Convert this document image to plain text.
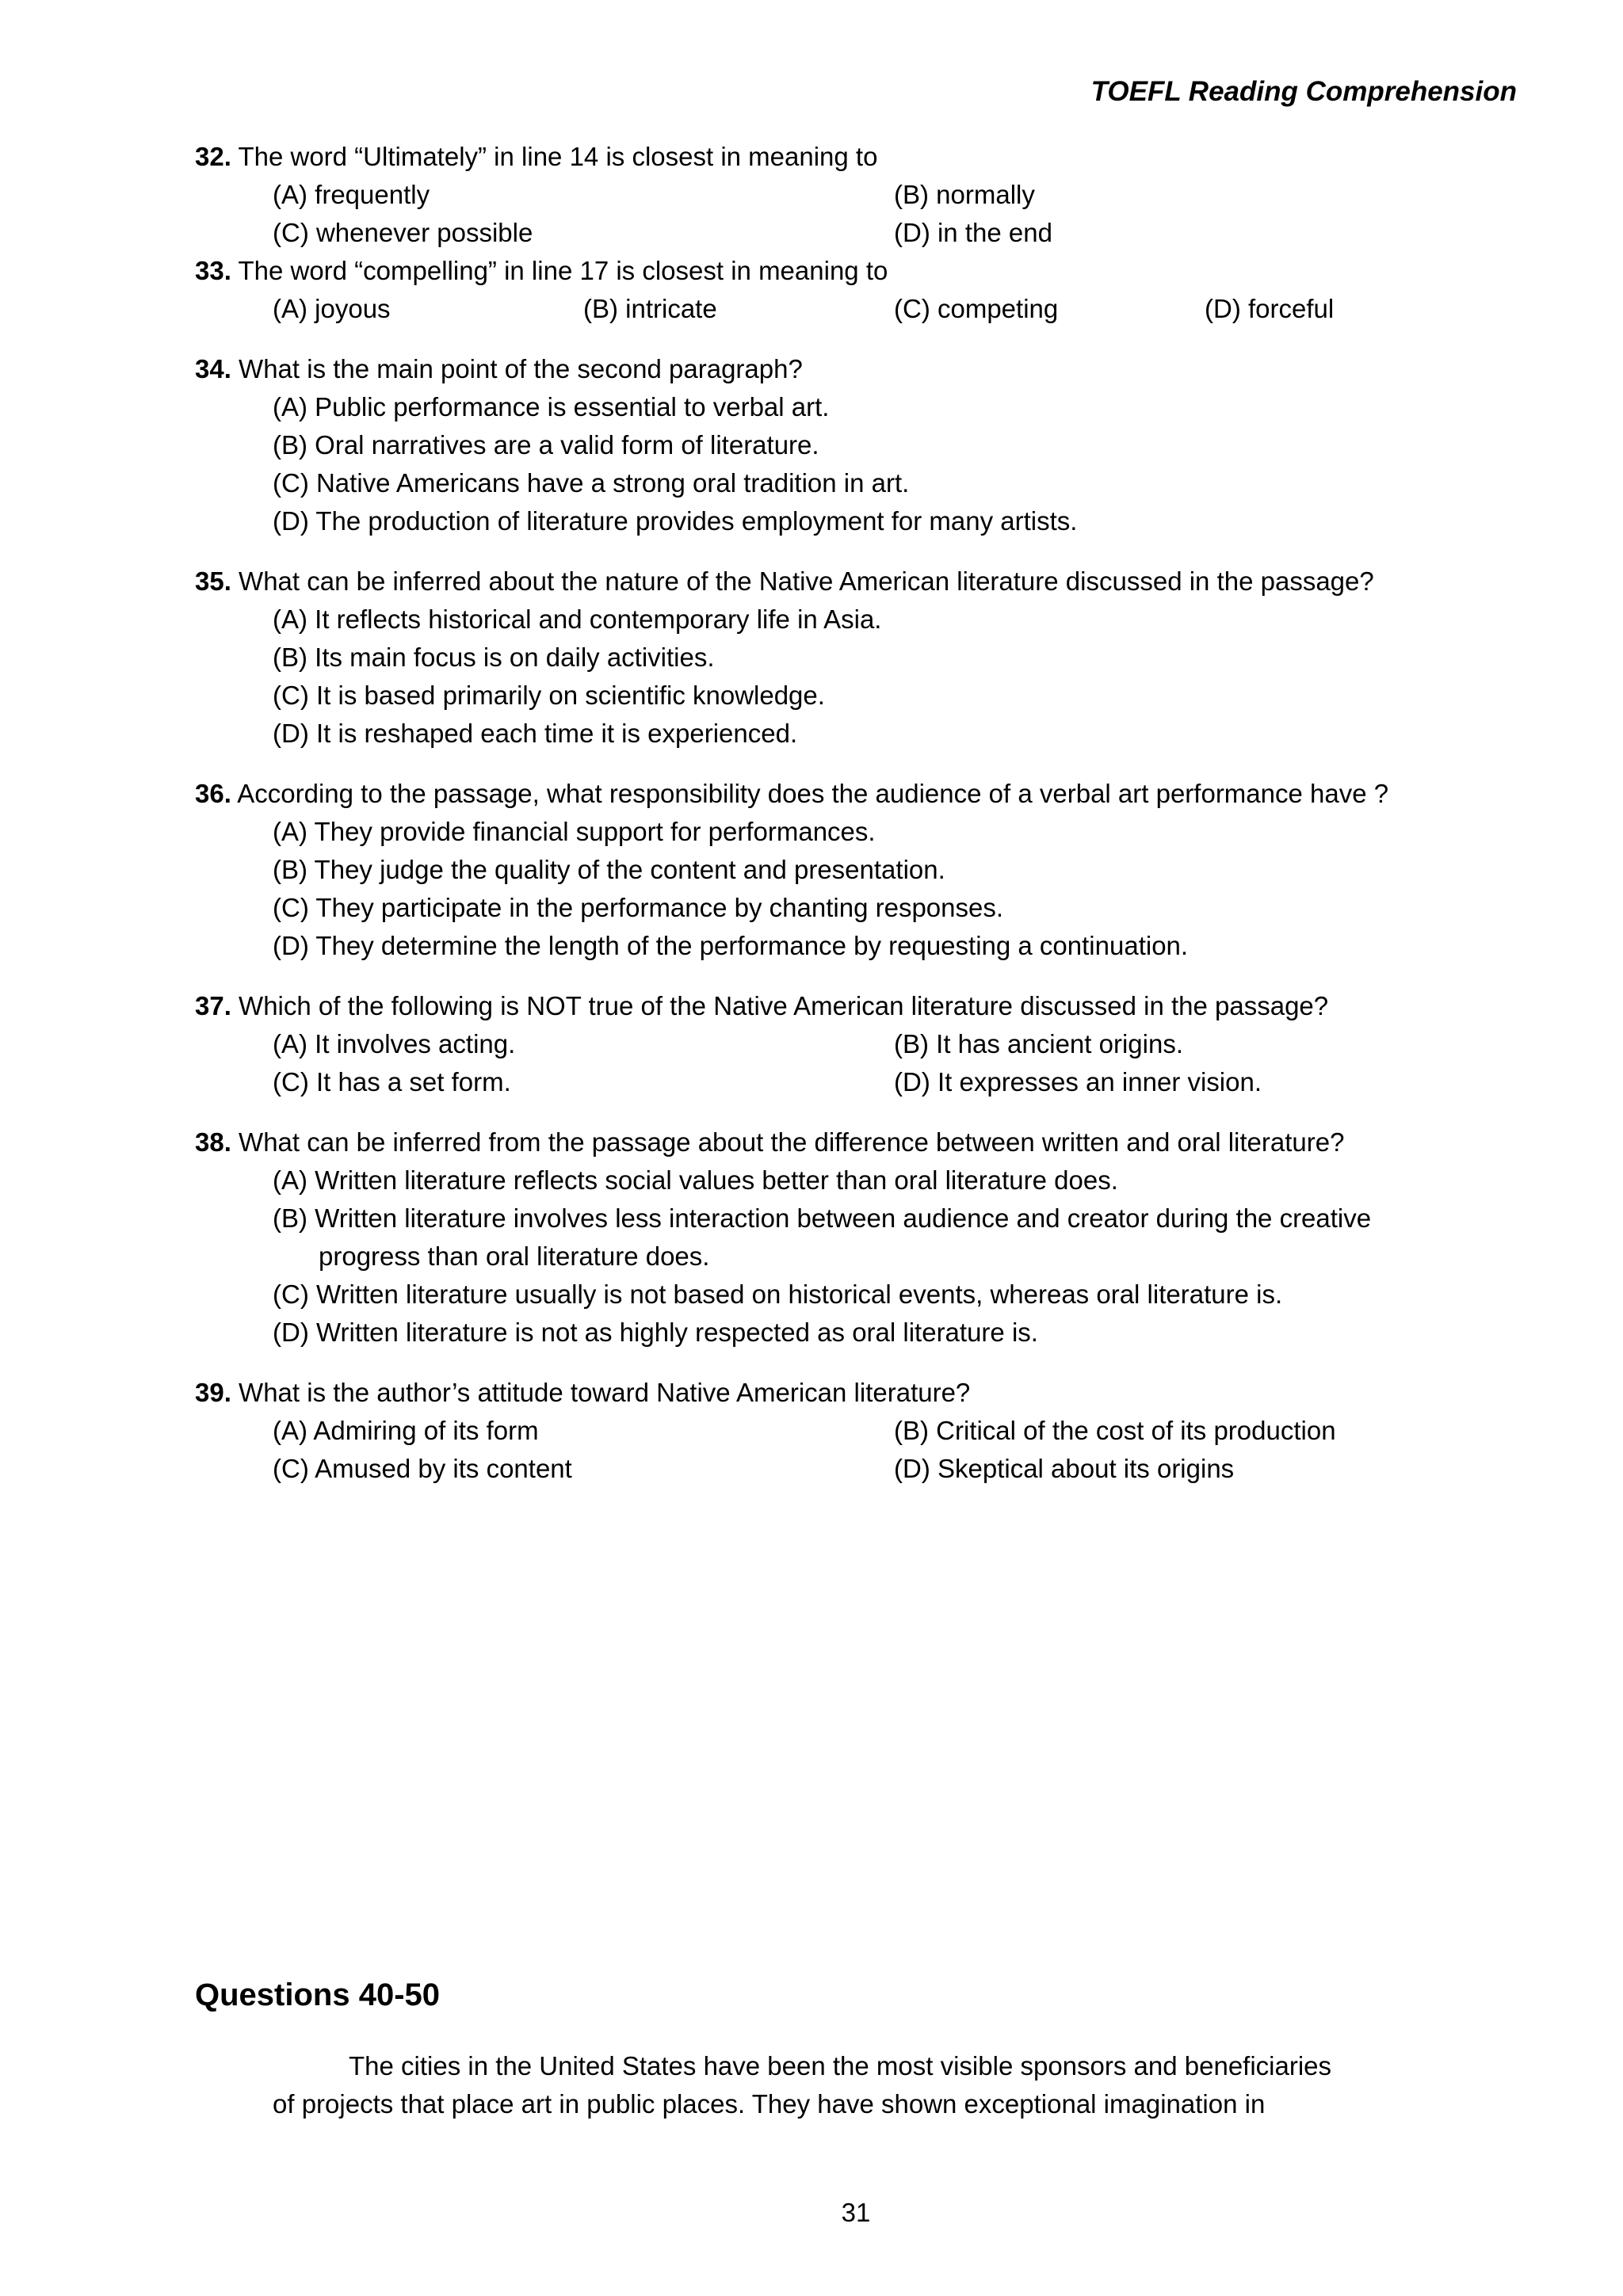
TOEFL Reading Comprehension
32. The word “Ultimately” in line 14 is closest in meaning to
(A) frequently	(B) normally
(C) whenever possible	(D) in the end
33. The word “compelling” in line 17 is closest in meaning to
(A) joyous	(B) intricate	(C) competing	(D) forceful
34. What is the main point of the second paragraph?
(A) Public performance is essential to verbal art.
(B) Oral narratives are a valid form of literature.
(C) Native Americans have a strong oral tradition in art.
(D) The production of literature provides employment for many artists.
35. What can be inferred about the nature of the Native American literature discussed in the passage?
(A) It reflects historical and contemporary life in Asia.
(B) Its main focus is on daily activities.
(C) It is based primarily on scientific knowledge.
(D) It is reshaped each time it is experienced.
36. According to the passage, what responsibility does the audience of a verbal art performance have ?
(A) They provide financial support for performances.
(B) They judge the quality of the content and presentation.
(C) They participate in the performance by chanting responses.
(D) They determine the length of the performance by requesting a continuation.
37. Which of the following is NOT true of the Native American literature discussed in the passage?
(A) It involves acting.	(B) It has ancient origins.
(C) It has a set form.	(D) It expresses an inner vision.
38. What can be inferred from the passage about the difference between written and oral literature?
(A) Written literature reflects social values better than oral literature does.
(B) Written literature involves less interaction between audience and creator during the creative progress than oral literature does.
(C) Written literature usually is not based on historical events, whereas oral literature is.
(D) Written literature is not as highly respected as oral literature is.
39. What is the author’s attitude toward Native American literature?
(A) Admiring of its form	(B) Critical of the cost of its production
(C) Amused by its content	(D) Skeptical about its origins
Questions 40-50
The cities in the United States have been the most visible sponsors and beneficiaries
of projects that place art in public places. They have shown exceptional imagination in
31
